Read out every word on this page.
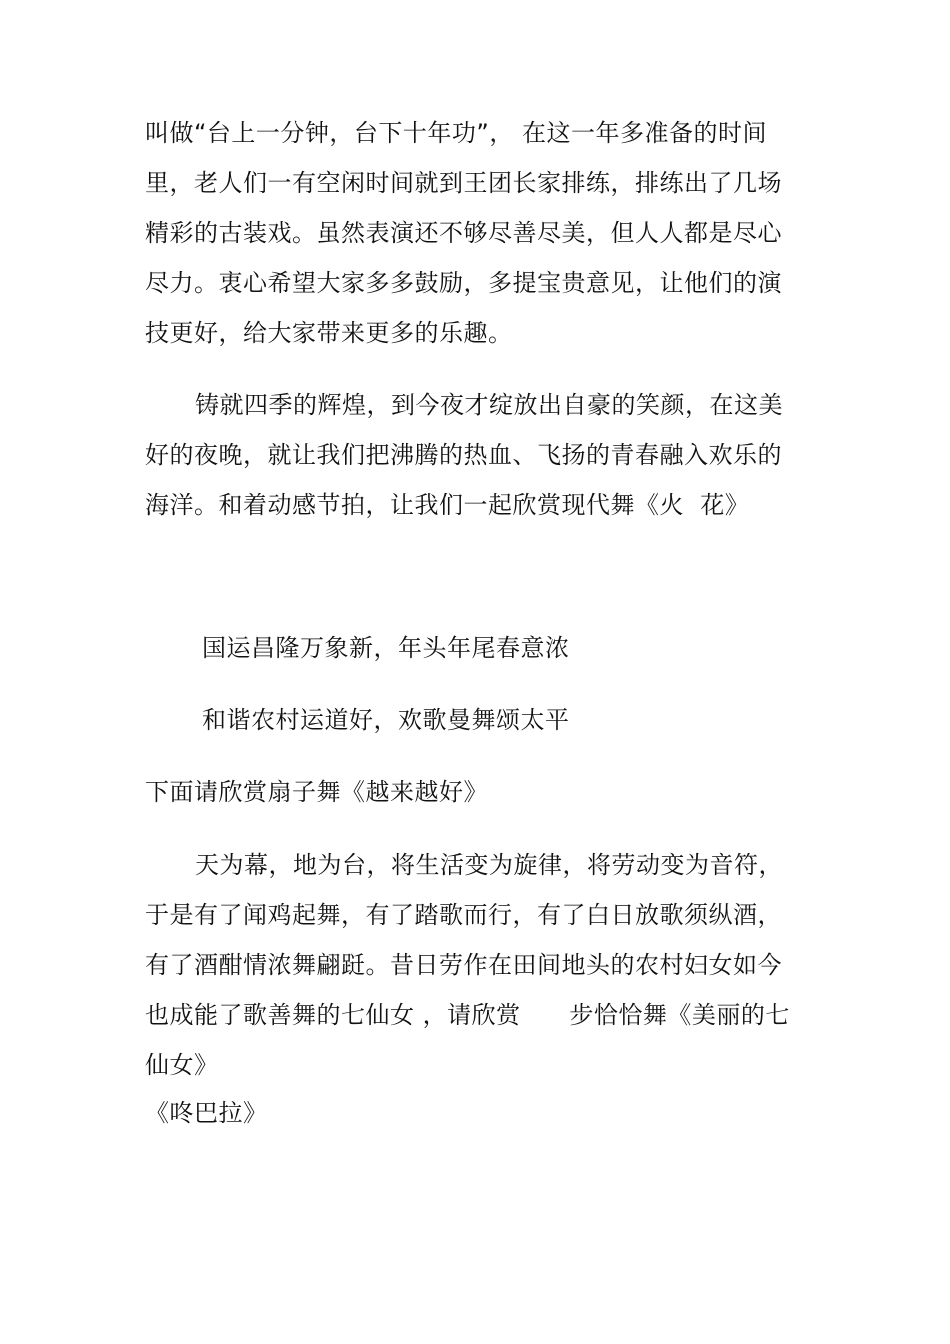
叫做“台上一分钟，台下十年功”， 在这一年多准备的时间
里，老人们一有空闲时间就到王团长家排练，排练出了几场
精彩的古装戏。虽然表演还不够尽善尽美，但人人都是尽心
尽力。衷心希望大家多多鼓励，多提宝贵意见，让他们的演
技更好，给大家带来更多的乐趣。
铸就四季的辉煌，到今夜才绽放出自豪的笑颜，在这美
好的夜晚，就让我们把沸腾的热血、飞扬的青春融入欢乐的
海洋。和着动感节拍，让我们一起欣赏现代舞《火  花》
国运昌隆万象新，年头年尾春意浓
和谐农村运道好，欢歌曼舞颂太平
下面请欣赏扇子舞《越来越好》
天为幕，地为台，将生活变为旋律，将劳动变为音符，
于是有了闻鸡起舞，有了踏歌而行，有了白日放歌须纵酒，
有了酒酣情浓舞翩跹。昔日劳作在田间地头的农村妇女如今
也成能了歌善舞的七仙女 ，请欣赏      步恰恰舞《美丽的七
仙女》
《咚巴拉》
